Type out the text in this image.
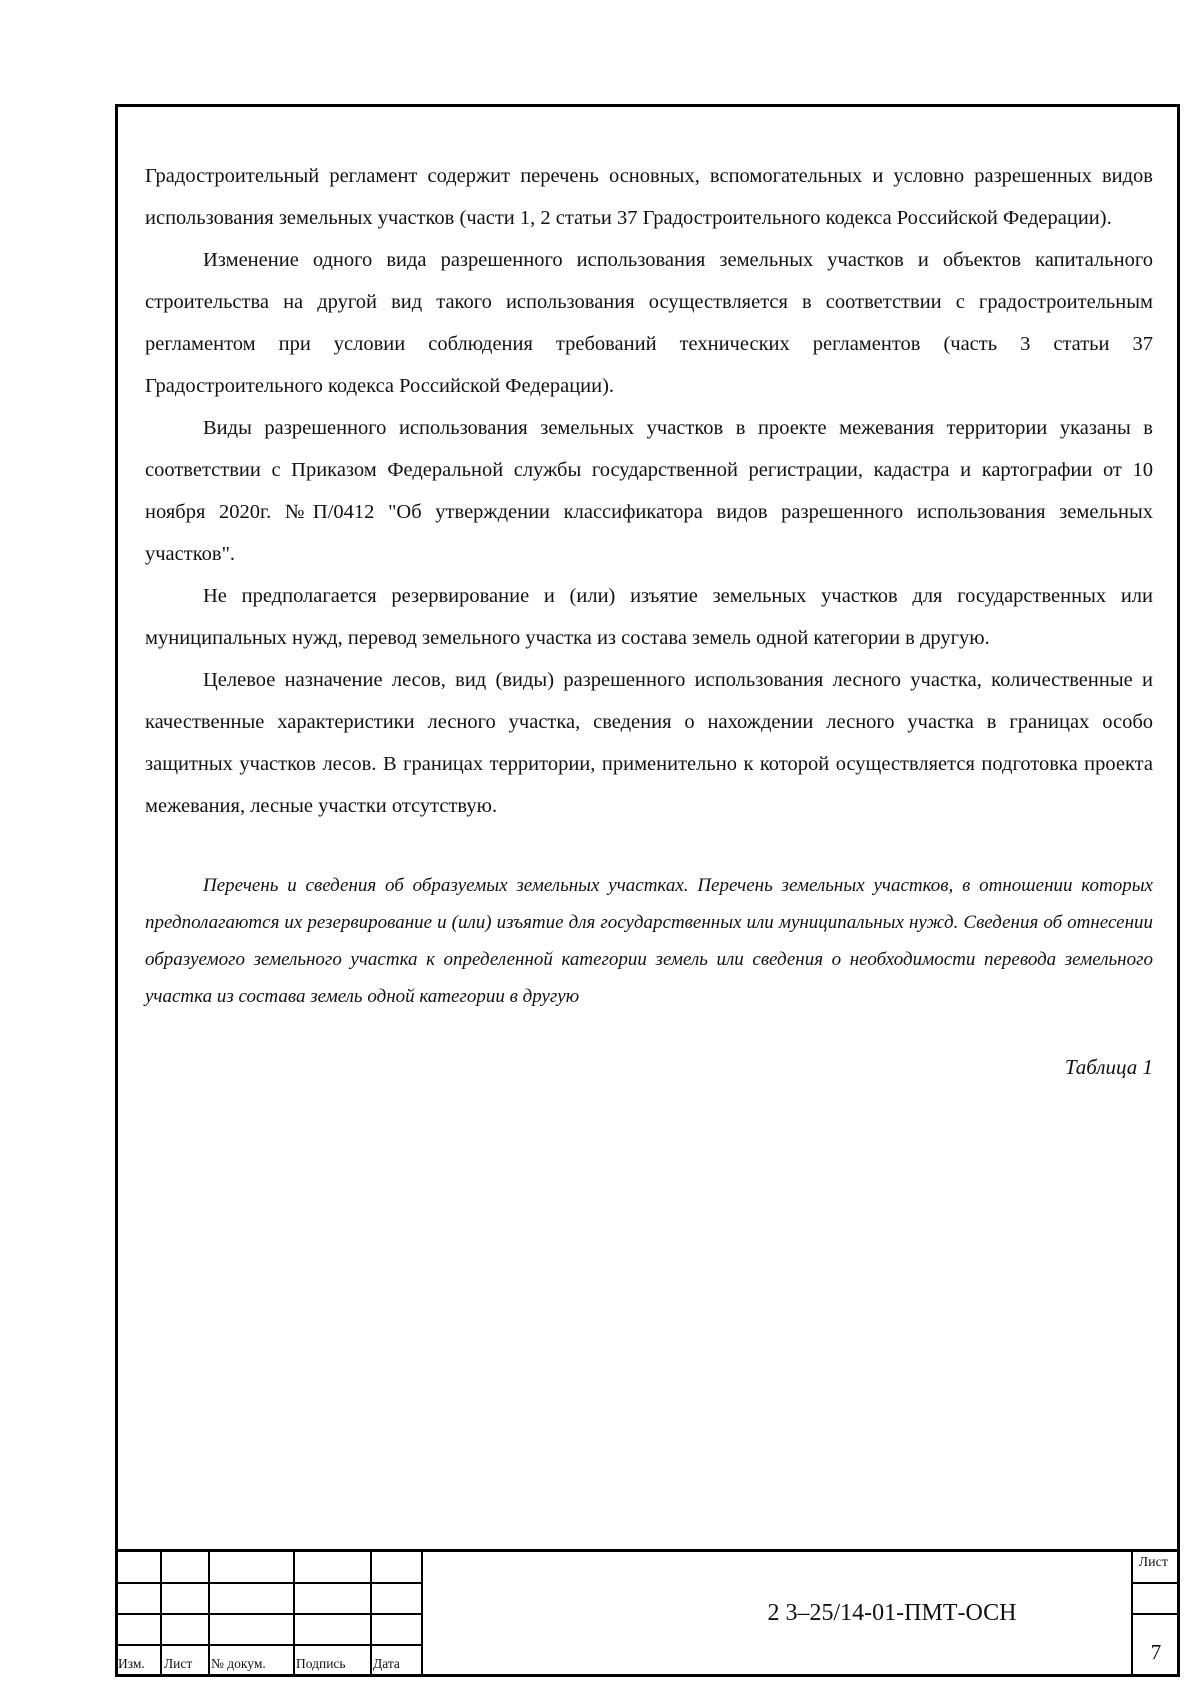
Градостроительный регламент содержит перечень основных, вспомогательных и условно разрешенных видов использования земельных участков (части 1, 2 статьи 37 Градостроительного кодекса Российской Федерации).

Изменение одного вида разрешенного использования земельных участков и объектов капитального строительства на другой вид такого использования осуществляется в соответствии с градостроительным регламентом при условии соблюдения требований технических регламентов (часть 3 статьи 37 Градостроительного кодекса Российской Федерации).

Виды разрешенного использования земельных участков в проекте межевания территории указаны в соответствии с Приказом Федеральной службы государственной регистрации, кадастра и картографии от 10 ноября 2020г. №П/0412 "Об утверждении классификатора видов разрешенного использования земельных участков".

Не предполагается резервирование и (или) изъятие земельных участков для государственных или муниципальных нужд, перевод земельного участка из состава земель одной категории в другую.

Целевое назначение лесов, вид (виды) разрешенного использования лесного участка, количественные и качественные характеристики лесного участка, сведения о нахождении лесного участка в границах особо защитных участков лесов. В границах территории, применительно к которой осуществляется подготовка проекта межевания, лесные участки отсутствую.

Перечень и сведения об образуемых земельных участках. Перечень земельных участков, в отношении которых предполагаются их резервирование и (или) изъятие для государственных или муниципальных нужд. Сведения об отнесении образуемого земельного участка к определенной категории земель или сведения о необходимости перевода земельного участка из состава земель одной категории в другую

Таблица 1
Изм. Лист № докум. Подпись Дата
2 3–25/14-01-ПМТ-ОСН
Лист
7
